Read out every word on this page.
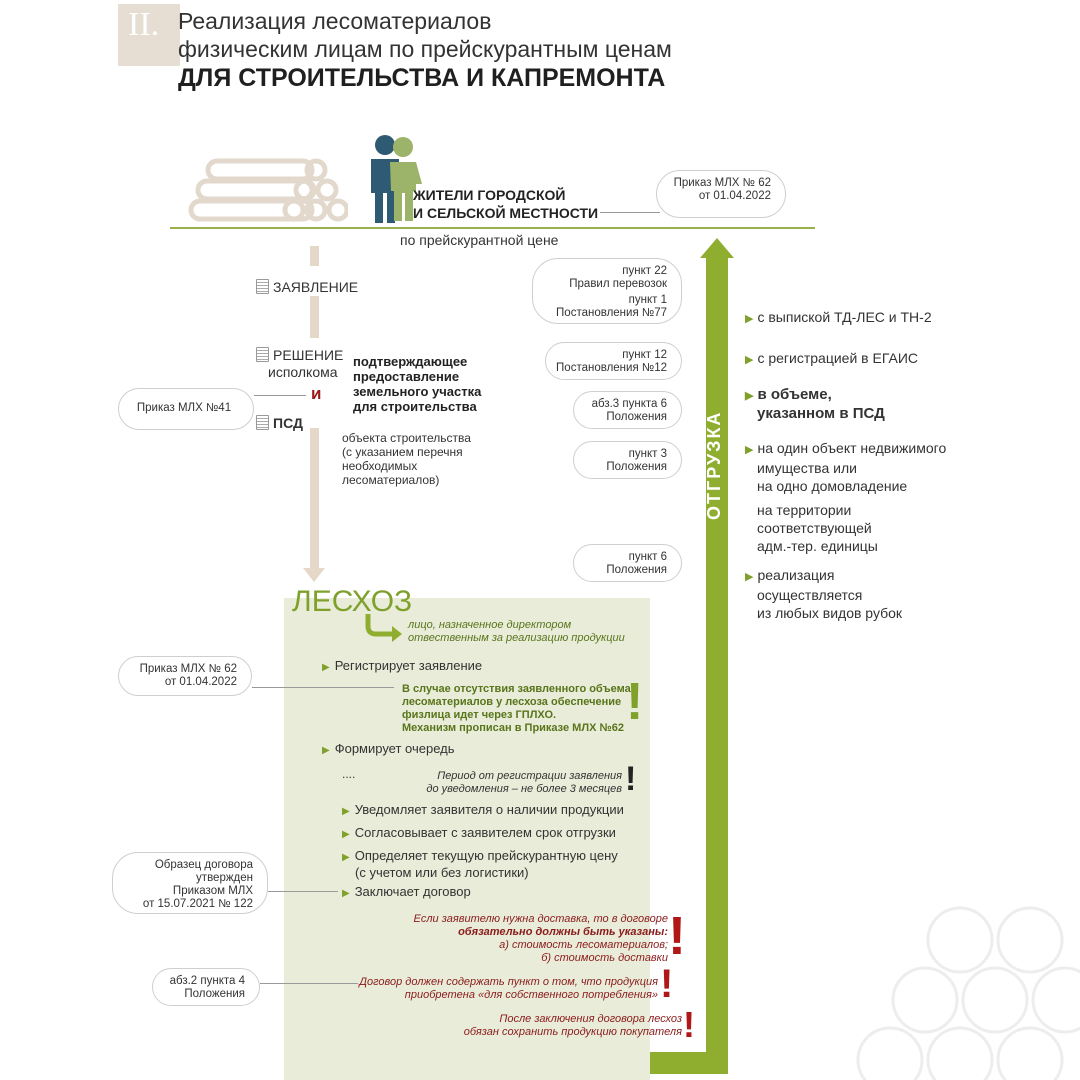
II. Реализация лесоматериалов
физическим лицам по прейскурантным ценам
ДЛЯ СТРОИТЕЛЬСТВА И КАПРЕМОНТА
ЖИТЕЛИ ГОРОДСКОЙ
И СЕЛЬСКОЙ МЕСТНОСТИ
Приказ МЛХ № 62
от 01.04.2022
по прейскурантной цене
ЗАЯВЛЕНИЕ
РЕШЕНИЕ
исполкома
подтверждающее
предоставление
земельного участка
для строительства
и
ПСД
объекта строительства
(с указанием перечня
необходимых
лесоматериалов)
Приказ МЛХ №41
ОТГРУЗКА
пункт 22
Правил перевозок
пункт 1
Постановления №77
пункт 12
Постановления №12
абз.3 пункта 6
Положения
пункт 3
Положения
пункт 6
Положения
▶ с выпиской ТД-ЛЕС и ТН-2
▶ с регистрацией в ЕГАИС
▶ в объеме,
указанном в ПСД
▶ на один объект недвижимого
имущества или
на одно домовладение
на территории
соответствующей
адм.-тер. единицы
▶ реализация
осуществляется
из любых видов рубок
ЛЕСХОЗ
лицо, назначенное директором
отвественным за реализацию продукции
▶ Регистрирует заявление
Приказ МЛХ № 62
от 01.04.2022
В случае отсутствия заявленного объема
лесоматериалов у лесхоза обеспечение
физлица идет через ГПЛХО.
Механизм прописан в Приказе МЛХ №62 !
▶ Формирует очередь
....	Период от регистрации заявления
до уведомления – не более 3 месяцев !
▶ Уведомляет заявителя о наличии продукции
▶ Согласовывает с заявителем срок отгрузки
▶ Определяет текущую прейскурантную цену
(с учетом или без логистики)
Образец договора
утвержден
Приказом МЛХ
от 15.07.2021 № 122
▶ Заключает договор
Если заявителю нужна доставка, то в договоре
обязательно должны быть указаны:
а) стоимость лесоматериалов;
б) стоимость доставки !
абз.2 пункта 4
Положения
Договор должен содержать пункт о том, что продукция
приобретена «для собственного потребления» !
После заключения договора лесхоз
обязан сохранить продукцию покупателя !
